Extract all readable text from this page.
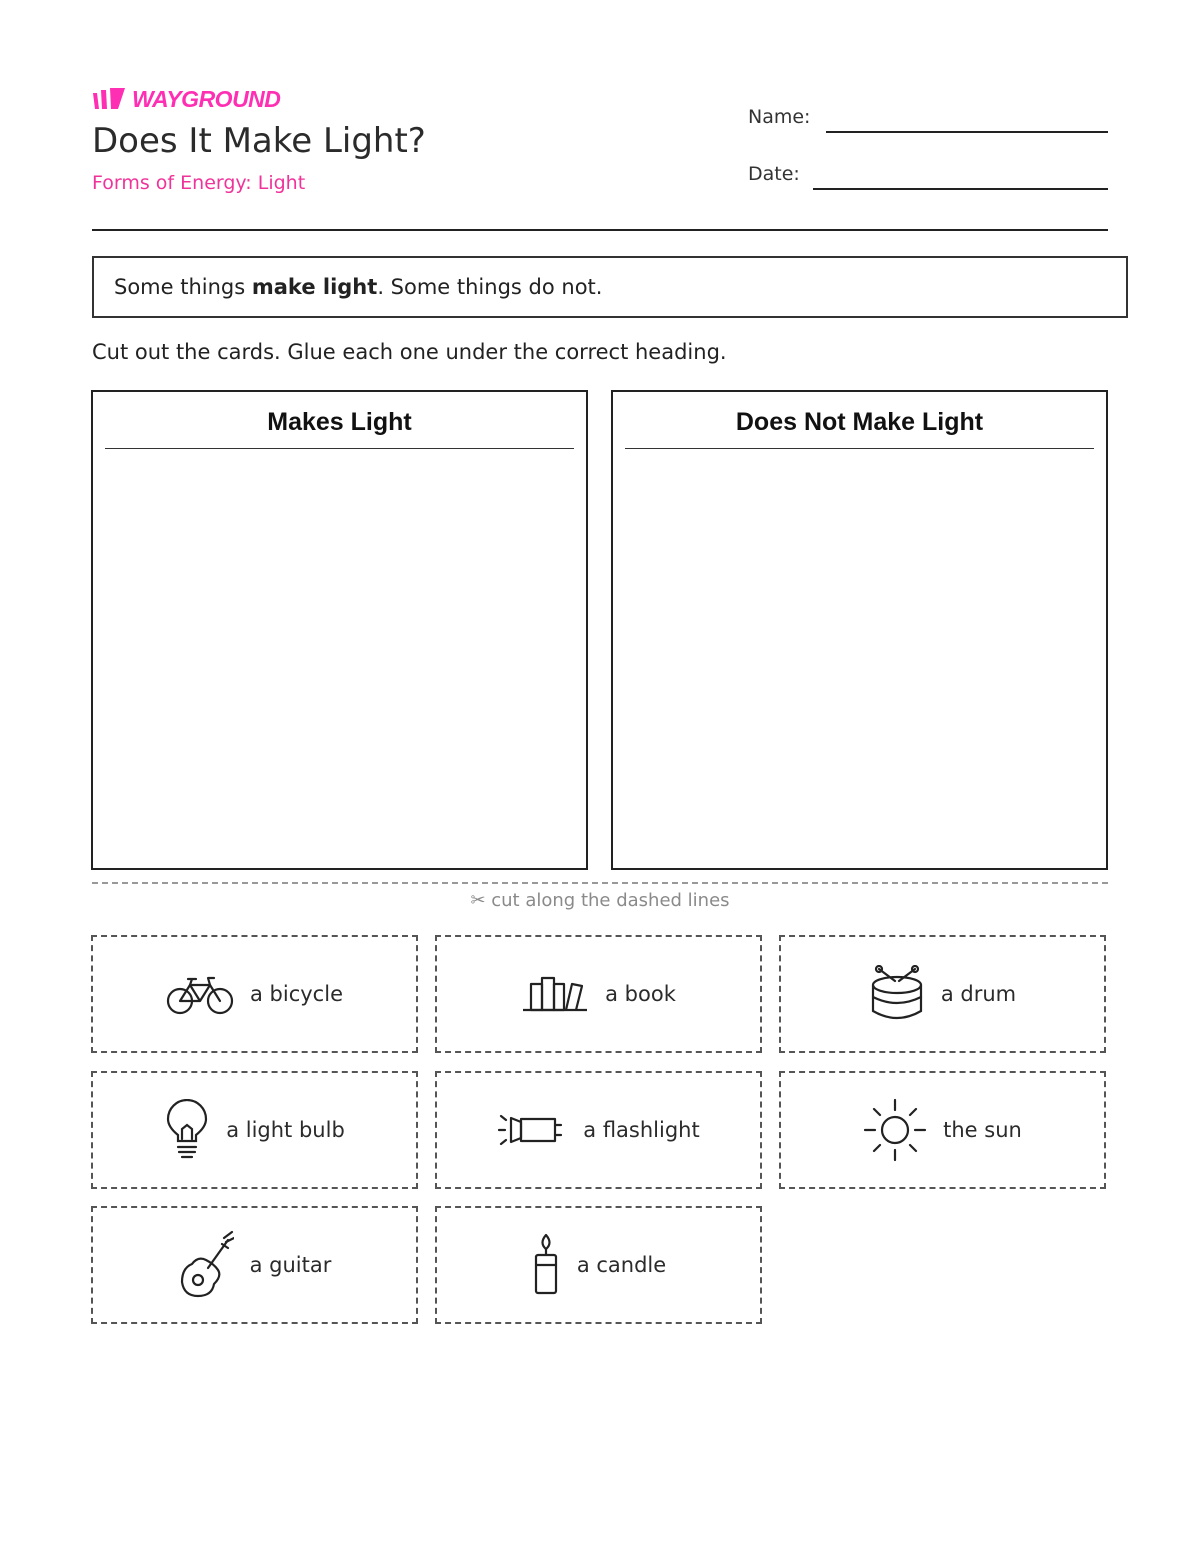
WAYGROUND
Does It Make Light?
Forms of Energy: Light
Name:
Date:
Some things make light. Some things do not.
Cut out the cards. Glue each one under the correct heading.
Makes Light	Does Not Make Light
✂ cut along the dashed lines
a bicycle	a book	a drum
a light bulb	a flashlight	the sun
a guitar	a candle
